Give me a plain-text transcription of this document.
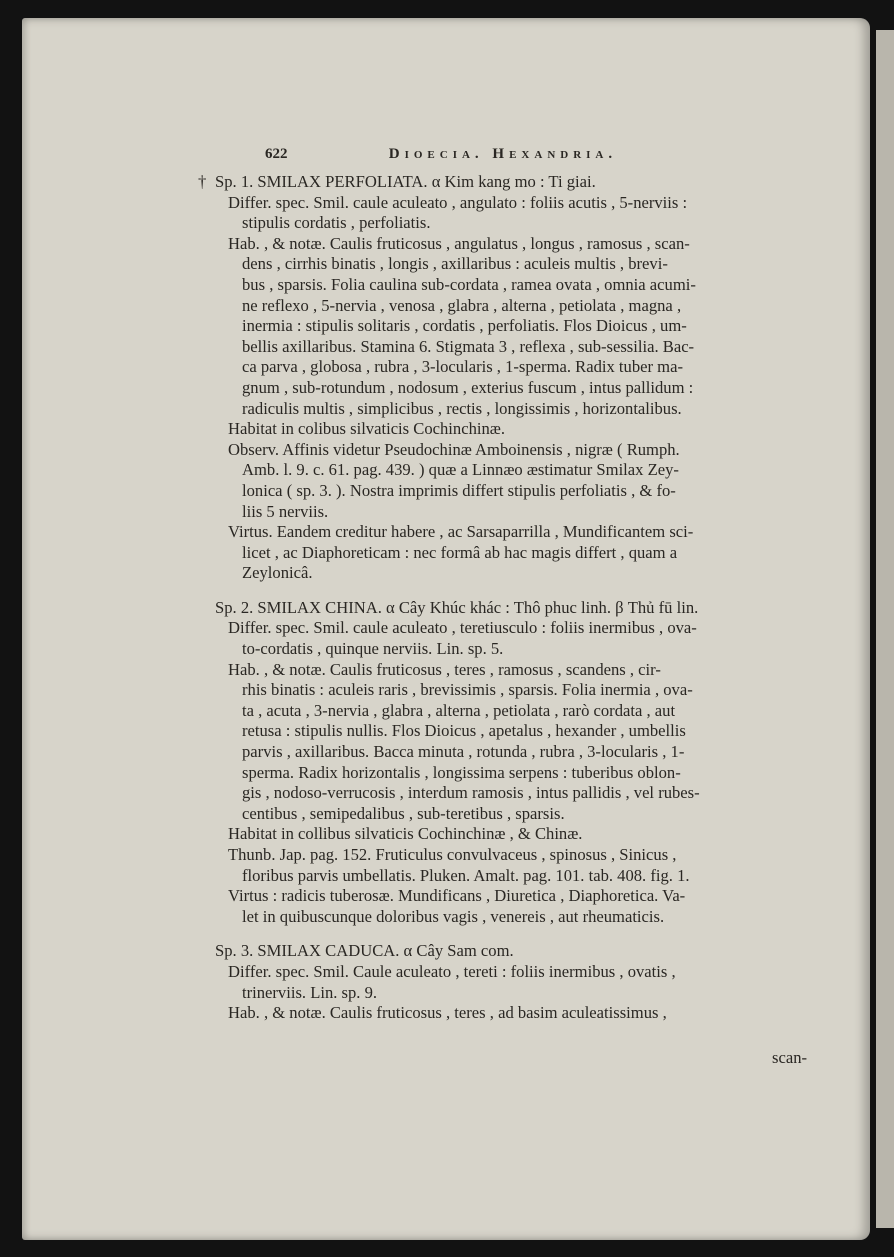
622	Dioecia. Hexandria.
† Sp. 1. SMILAX PERFOLIATA. α Kim kang mo : Ti giai.
Differ. spec. Smil. caule aculeato , angulato : foliis acutis , 5-nerviis :
stipulis cordatis , perfoliatis.
Hab. , & notæ. Caulis fruticosus , angulatus , longus , ramosus , scan-
dens , cirrhis binatis , longis , axillaribus : aculeis multis , brevi-
bus , sparsis. Folia caulina sub-cordata , ramea ovata , omnia acumi-
ne reflexo , 5-nervia , venosa , glabra , alterna , petiolata , magna ,
inermia : stipulis solitaris , cordatis , perfoliatis. Flos Dioicus , um-
bellis axillaribus. Stamina 6. Stigmata 3 , reflexa , sub-sessilia. Bac-
ca parva , globosa , rubra , 3-locularis , 1-sperma. Radix tuber ma-
gnum , sub-rotundum , nodosum , exterius fuscum , intus pallidum :
radiculis multis , simplicibus , rectis , longissimis , horizontalibus.
Habitat in colibus silvaticis Cochinchinæ.
Observ. Affinis videtur Pseudochinæ Amboinensis , nigræ ( Rumph.
Amb. l. 9. c. 61. pag. 439. ) quæ a Linnæo æstimatur Smilax Zey-
lonica ( sp. 3. ). Nostra imprimis differt stipulis perfoliatis , & fo-
liis 5 nerviis.
Virtus. Eandem creditur habere , ac Sarsaparrilla , Mundificantem sci-
licet , ac Diaphoreticam : nec formâ ab hac magis differt , quam a
Zeylonicâ.
Sp. 2. SMILAX CHINA. α Cây Khúc khác : Thô phuc linh. β Thủ fū lin.
Differ. spec. Smil. caule aculeato , teretiusculo : foliis inermibus , ova-
to-cordatis , quinque nerviis. Lin. sp. 5.
Hab. , & notæ. Caulis fruticosus , teres , ramosus , scandens , cir-
rhis binatis : aculeis raris , brevissimis , sparsis. Folia inermia , ova-
ta , acuta , 3-nervia , glabra , alterna , petiolata , rarò cordata , aut
retusa : stipulis nullis. Flos Dioicus , apetalus , hexander , umbellis
parvis , axillaribus. Bacca minuta , rotunda , rubra , 3-locularis , 1-
sperma. Radix horizontalis , longissima serpens : tuberibus oblon-
gis , nodoso-verrucosis , interdum ramosis , intus pallidis , vel rubes-
centibus , semipedalibus , sub-teretibus , sparsis.
Habitat in collibus silvaticis Cochinchinæ , & Chinæ.
Thunb. Jap. pag. 152. Fruticulus convulvaceus , spinosus , Sinicus ,
floribus parvis umbellatis. Pluken. Amalt. pag. 101. tab. 408. fig. 1.
Virtus : radicis tuberosæ. Mundificans , Diuretica , Diaphoretica. Va-
let in quibuscunque doloribus vagis , venereis , aut rheumaticis.
Sp. 3. SMILAX CADUCA. α Cây Sam com.
Differ. spec. Smil. Caule aculeato , tereti : foliis inermibus , ovatis ,
trinerviis. Lin. sp. 9.
Hab. , & notæ. Caulis fruticosus , teres , ad basim aculeatissimus ,
scan-
